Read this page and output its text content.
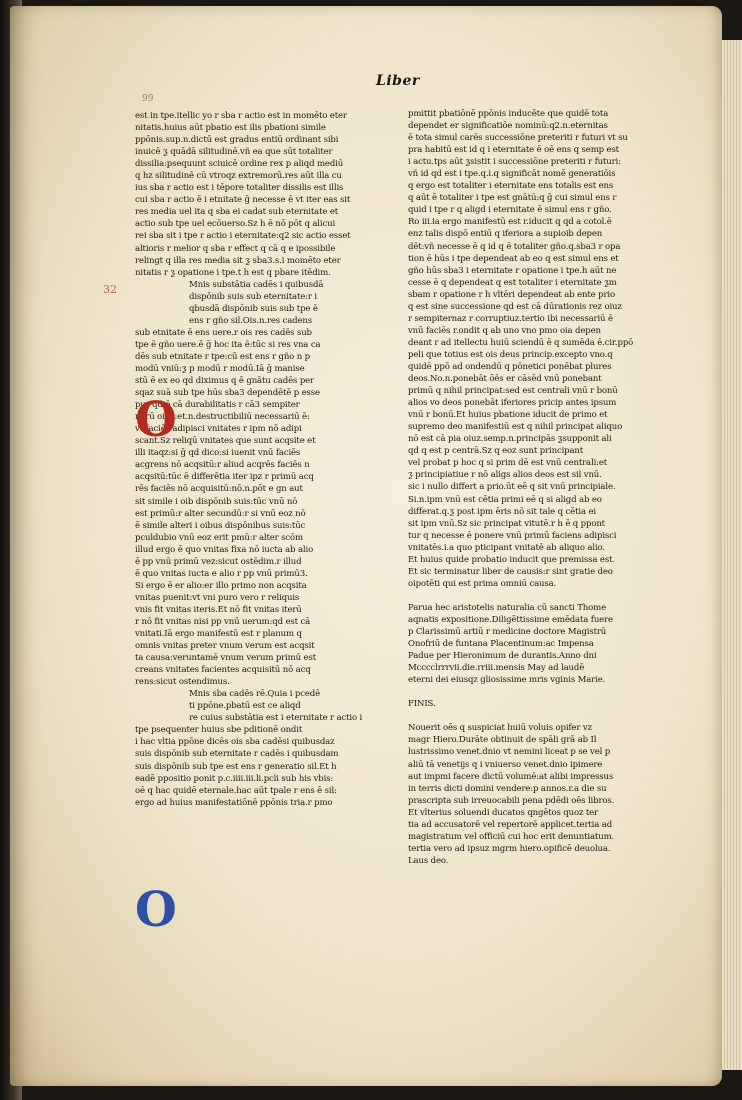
Liber
99
32
O
O
est in tpe.itellic yo r sba r actio est in momēto eter
nitatis.huius aūt pbatio est ilis pbationi simile
ppōnis.sup.n.dictū est gradus entiū ordinant sibi
inuicē ƺ quādā silitudinē.vñ ea que sūt totaliter
dissilia:psequunt sciuicē ordine rex p aliqd mediū
q hz silitudinē cū vtroqz extremorū.res aūt illa cu
ius sba r actio est i tēpore totaliter dissilis est illis
cui sba r actio ē i etnitate ḡ necesse ē vt iter eas sit
res media uel ita q sba ei cadat sub eternitate et
actio sub tpe uel ecōuerso.Sz h ē nō pōt q alicui
rei sba sit i tpe r actio i eternitate:q2 sic actio esset
altioris r melior q sba r effect q cā q e ipossibile
relingt q illa res media sit ƺ sba3.s.i momēto eter
nitatis r ƺ opatione i tpe.t h est q pbare itēdim.
Mnis substātia cadēs i quibusdā
dispōnib suis sub eternitate:r i
qbusdā dispōnib suis sub tpe ē
ens r gño sil.Ois.n.res cadens
sub etnitate ē ens uere.r ois res cadēs sub
tpe ē gño uere.ē ḡ hoc ita ē:tūc si res vna ca
dēs sub etnitate r tpe:cū est ens r gño n p
modū vniū:ƺ p modū r modū.Iā ḡ manise
stū ē ex eo qd diximus q ē gnātu cadēs per
sqaz suā sub tpe hūs sba3 dependētē p esse
pur qd ē cā durabilitatis r cā3 sempiter
narū oiuz:et.n.destructibiliū necessariū ē:
vt faciēs adipisci vnitates r ipm nō adipi
scant.Sz reliqū vnitates que sunt acqsite et
illi itaqz:si ḡ qd dico:si iuenit vnū faciēs
acgrens nō acqsitū:r aliud acqrēs faciēs n
acqsitū:tūc ē differētia iter ipz r primū acq
rēs faciēs nō acquisitū:nō.n.pōt e gn aut
sit simile i oib dispōnib suis:tūc vnū nō
est primū:r alter secundū:r si vnū eoz nō
ē simile alteri i oibus dispōnibus suis:tūc
pculdubio vnū eoz erit pmū:r alter scōm
illud ergo ē quo vnitas fixa nō iucta ab alio
ē pp vnū primū vez:sicut ostēdim.r illud
ē quo vnitas iucta e alio r pp vnū primū3.
Si ergo ē er alio:er illo primo non acqsita
vnitas puenit:vt vni puro vero r reliquis
vnis fit vnitas iteris.Et nō fit vnitas iterū
r nō fit vnitas nisi pp vnū uerum:qd est cā
vnitati.Iā ergo manifestū est r planum q
omnis vnitas preter vnum verum est acqsit
ta causa:veruntamē vnum verum primū est
creans vnitates facientes acquisitū nō acq
rens:sicut ostendimus.
Mnis sba cadēs rē.Quia i pcedē
ti ppōne.pbatū est ce aliqd
re cuius substātia est i eternitate r actio i
tpe psequenter huius sbe pditionē ondit
i hac vltia ppōne dicēs ois sba cadēsi quibusdaz
suis dispōnib sub eternitate r cadēs i quibusdam
suis dispōnib sub tpe est ens r generatio sil.Et h
eadē ppositio ponit p.c.iiii.iii.li.pcli sub his vbis:
oē q hac quidē eternale.hac aūt tpale r ens ē sil:
ergo ad huius manifestatiōnē ppōnis tria.r pmo
pmittit pbatiōnē ppōnis inducēte que quidē tota
dependet er significatiōe nominū:q2.n.eternitas
ē tota simul carēs successiōne preteriti r futuri vt su
pra habitū est id q i eternitate ē oē ens q semp est
i actu.tps aūt ƺsistit i successiōne preteriti r futuri:
vñ id qd est i tpe.q.i.q significāt nomē generatiōis
q ergo est totaliter i eternitate ens totalis est ens
q aūt ē totaliter i tpe est gnātū:q ḡ cui simul ens r
quid i tpe r q aligd i eternitate ē simul ens r gño.
Ro iii.ia ergo manifestū est r.iducit q qd a cotol.ē
enz talis dispō entiū q iferiora a supioib depen
dēt:vñ necesse ē q id q ē totaliter gño.q.sba3 r opa
tion ē hūs i tpe dependeat ab eo q est simul ens et
gño hūs sba3 i eternitate r opatione i tpe.h aūt ne
cesse ē q dependeat q est totaliter i eternitate ƺm
sbam r opatione r h vltēri dependeat ab ente prio
q est sine successione qd est cā dūrationis rez oiuz
r sempiternaz r corruptiuz.tertio ibi necessariū ē
vnū faciēs r.ondit q ab uno vno pmo oia depen
deant r ad itellectu huiū sciendū ē q sumēda ē.cir.ppō
peli que totius est ois deus princip.excepto vno.q
quidē ppō ad ondendū q pōnetici ponēbat plures
deos.No.n.ponebāt ōēs er cāsēd vnū ponebant
primū q nihil principat:sed est centrali vnū r bonū
alios vo deos ponebāt iferiores pricip antes ipsum
vnū r bonū.Et huius pbatione iducit de primo et
supremo deo manifestiū est q nihil principat aliquo
nō est cā pia oiuz.semp.n.principās ƺsupponit ali
qd q est p centrā.Sz q eoz sunt principant
vel probat p hoc q si prim dē est vnū centrali:et
ƺ principiatiue r nō aligs alios deos est sil vnū.
sic i nullo differt a prio.ūt eē q sit vnū principiale.
Si.n.ipm vnū est cētia primi eē q si aligd ab eo
differat.q.ƺ post ipm ēris nō sit tale q cētia ei
sit ipm vnū.Sz sic principat vitutē.r h ē q ppont
tur q necesse ē ponere vnū primū faciens adipisci
vnitatēs.i.a quo pticipant vnitatē ab aliquo alio.
Et huius quide probatio inducit que premissa est.
Et sic terminatur liber de causis:r sint gratie deo
oipotēti qui est prima omniū causa.

Parua hec aristotelis naturalia cū sancti Thome
aqnatis expositione.Diligēttissime emēdata fuere
p Clarissimū artiū r medicine doctore Magistrū
Onofriū de funtana Placentinum:ac Impensa
Padue per Hieronimum de durantis.Anno dni
Mcccclrrrvii.die.rriii.mensis May ad laudē
eterni dei eiusqz gliosissime mris vginis Marie.

FINIS.

Nouerit oēs q suspiciat huiū voluis opifer vz
magr Hiero.Durāte obtinuit de spāli grā ab Il
lustrissimo venet.dnio vt nemini liceat p se vel p
aliū tā venetijs q i vniuerso venet.dnio ipimere
aut impmi facere dictū volumē:at alibi impressus
in terris dicti domini vendere:p annos.r.a die su
prascripta sub irreuocabili pena pdēdi oēs libros.
Et vlterius soluendi ducatos qngētos quoz ter
tia ad accusatorē vel repertorē applicet.tertia ad
magistratum vel officiū cui hoc erit denuntiatum.
tertia vero ad ipsuz mgrm hiero.opificē deuolua.
Laus deo.
